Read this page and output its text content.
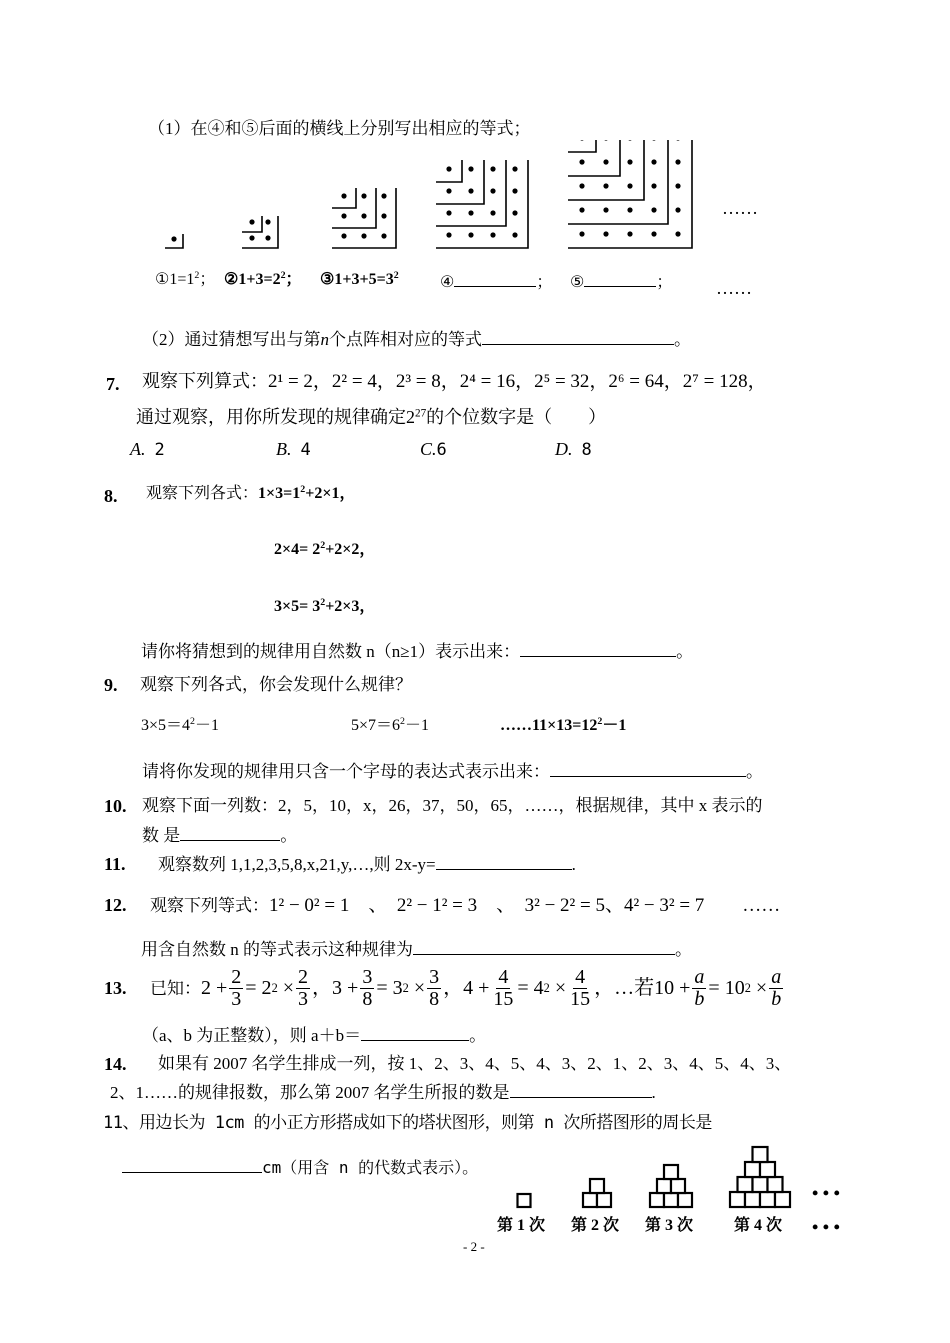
（1）在④和⑤后面的横线上分别写出相应的等式；
……
$①1=1^2$； $②1+3=2^2$； $③1+3+5=3^2$	④	； ⑤	； ……
（2）通过猜想写出与第n个点阵相对应的等式	。
7. 观察下列算式：2¹ = 2，2² = 4，2³ = 8，2⁴ = 16，2⁵ = 32，2⁶ = 64，2⁷ = 128，
通过观察，用你所发现的规律确定$2^{27}$的个位数字是（　　）
A. 2	B. 4	C.6	D. 8
8. 观察下列各式：$1\times 3=1^2+2\times 1$，
$2\times 4= 2^2+2\times 2$，
$3\times 5= 3^2+2\times 3$，
请你将猜想到的规律用自然数 n（n≥1）表示出来：	。
9. 观察下列各式，你会发现什么规律？
$3\times 5=4^2-1$	$5\times 7=6^2-1$	$\dots\dots 11\times 13=12^2-1$
请将你发现的规律用只含一个字母的表达式表示出来：	。
10. 观察下面一列数：2，5，10，x，26，37，50，65，……，根据规律，其中 x 表示的
数 是	。
11. 观察数列 1,1,2,3,5,8,x,21,y,…,则 2x-y=	.
12. 观察下列等式：1² − 0² = 1　、　2² − 1² = 3　、　3² − 2² = 5、4² − 3² = 7　　……
用含自然数 n 的等式表示这种规律为	。
13. 已知： $2 + \frac{2}{3} = 2$ 2
× $\frac{2}{3}$ ，$3 + \frac{3}{8} = 3$ 2
× $\frac{3}{8}$ ，$4 + \frac{4}{15} = 4$ 2
× $\frac{4}{15}$ ，…若$10 + \frac{a}{b} = 10$ 2
× $\frac{a}{b}$
（a、b 为正整数），则 a＋b＝	。
14. 如果有 2007 名学生排成一列，按 1、2、3、4、5、4、3、2、1、2、3、4、5、4、3、
2、1……的规律报数，那么第 2007 名学生所报的数是	.
11、用边长为 1cm 的小正方形搭成如下的塔状图形，则第 n 次所搭图形的周长是
cm（用含 n 的代数式表示）。
第 1 次 第 2 次 第 3 次	第 4 次
• • •
• • •
- 2 -
